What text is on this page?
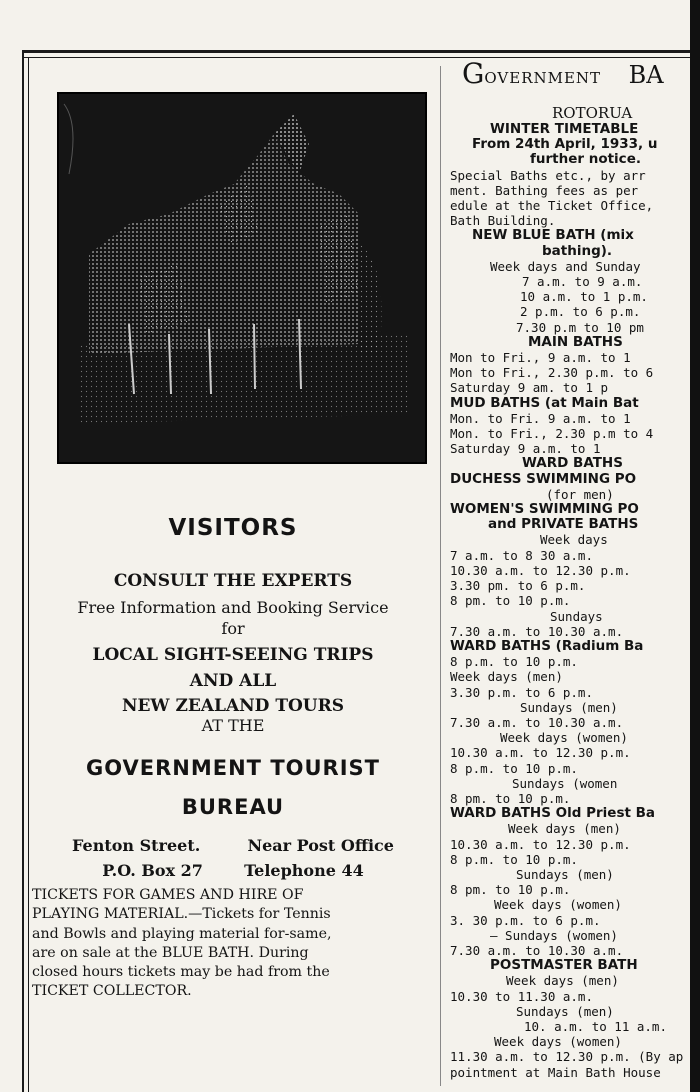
VISITORS
CONSULT THE EXPERTS
Free Information and Booking Service
for
LOCAL SIGHT-SEEING TRIPS
AND ALL
NEW ZEALAND TOURS
AT THE
GOVERNMENT TOURIST
BUREAU
Fenton Street.	Near Post Office
P.O. Box 27	Telephone 44
TICKETS FOR GAMES AND HIRE OF
PLAYING MATERIAL.—Tickets for Tennis
and Bowls and playing material for-same,
are on sale at the BLUE BATH. During
closed hours tickets may be had from the
TICKET COLLECTOR.
GOVERNMENT BA
ROTORUA
WINTER TIMETABLE
From 24th April, 1933, u
further notice.
Special Baths etc., by arr
ment. Bathing fees as per
edule at the Ticket Office,
Bath Building.
NEW BLUE BATH (mix
bathing).
Week days and Sunday
7 a.m. to 9 a.m.
10 a.m. to 1 p.m.
2 p.m. to 6 p.m.
7.30 p.m to 10 pm
MAIN BATHS
Mon to Fri., 9 a.m. to 1
Mon to Fri., 2.30 p.m. to 6
Saturday 9 am. to 1 p
MUD BATHS (at Main Bat
Mon. to Fri. 9 a.m. to 1
Mon. to Fri., 2.30 p.m to 4
Saturday 9 a.m. to 1
WARD BATHS
DUCHESS SWIMMING PO
(for men)
WOMEN'S SWIMMING PO
and PRIVATE BATHS
Week days
7 a.m. to 8 30 a.m.
10.30 a.m. to 12.30 p.m.
3.30 pm. to 6 p.m.
8 pm. to 10 p.m.
Sundays
7.30 a.m. to 10.30 a.m.
WARD BATHS (Radium Ba
8 p.m. to 10 p.m.
Week days (men)
3.30 p.m. to 6 p.m.
Sundays (men)
7.30 a.m. to 10.30 a.m.
Week days (women)
10.30 a.m. to 12.30 p.m.
8 p.m. to 10 p.m.
Sundays (women
8 pm. to 10 p.m.
WARD BATHS Old Priest Ba
Week days (men)
10.30 a.m. to 12.30 p.m.
8 p.m. to 10 p.m.
Sundays (men)
8 pm. to 10 p.m.
Week days (women)
3. 30 p.m. to 6 p.m.
— Sundays (women)
7.30 a.m. to 10.30 a.m.
POSTMASTER BATH
Week days (men)
10.30 to 11.30 a.m.
Sundays (men)
10. a.m. to 11 a.m.
Week days (women)
11.30 a.m. to 12.30 p.m. (By ap
pointment at Main Bath House
